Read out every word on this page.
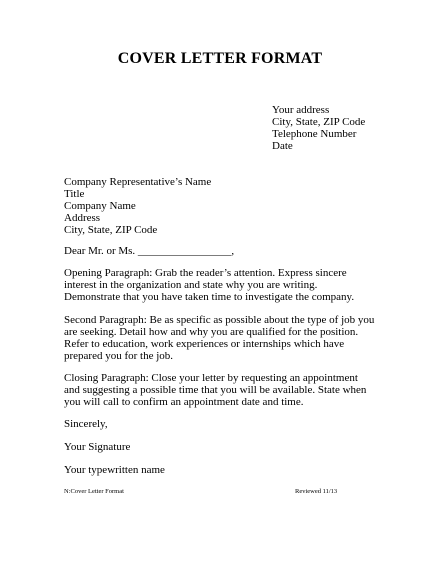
COVER LETTER FORMAT
Your address
City, State, ZIP Code
Telephone Number
Date
Company Representative’s Name
Title
Company Name
Address
City, State, ZIP Code
Dear Mr. or Ms. _________________,
Opening Paragraph: Grab the reader’s attention. Express sincere interest in the organization and state why you are writing. Demonstrate that you have taken time to investigate the company.
Second Paragraph: Be as specific as possible about the type of job you are seeking. Detail how and why you are qualified for the position. Refer to education, work experiences or internships which have prepared you for the job.
Closing Paragraph: Close your letter by requesting an appointment and suggesting a possible time that you will be available. State when you will call to confirm an appointment date and time.
Sincerely,
Your Signature
Your typewritten name
N:Cover Letter Format	Reviewed 11/13
